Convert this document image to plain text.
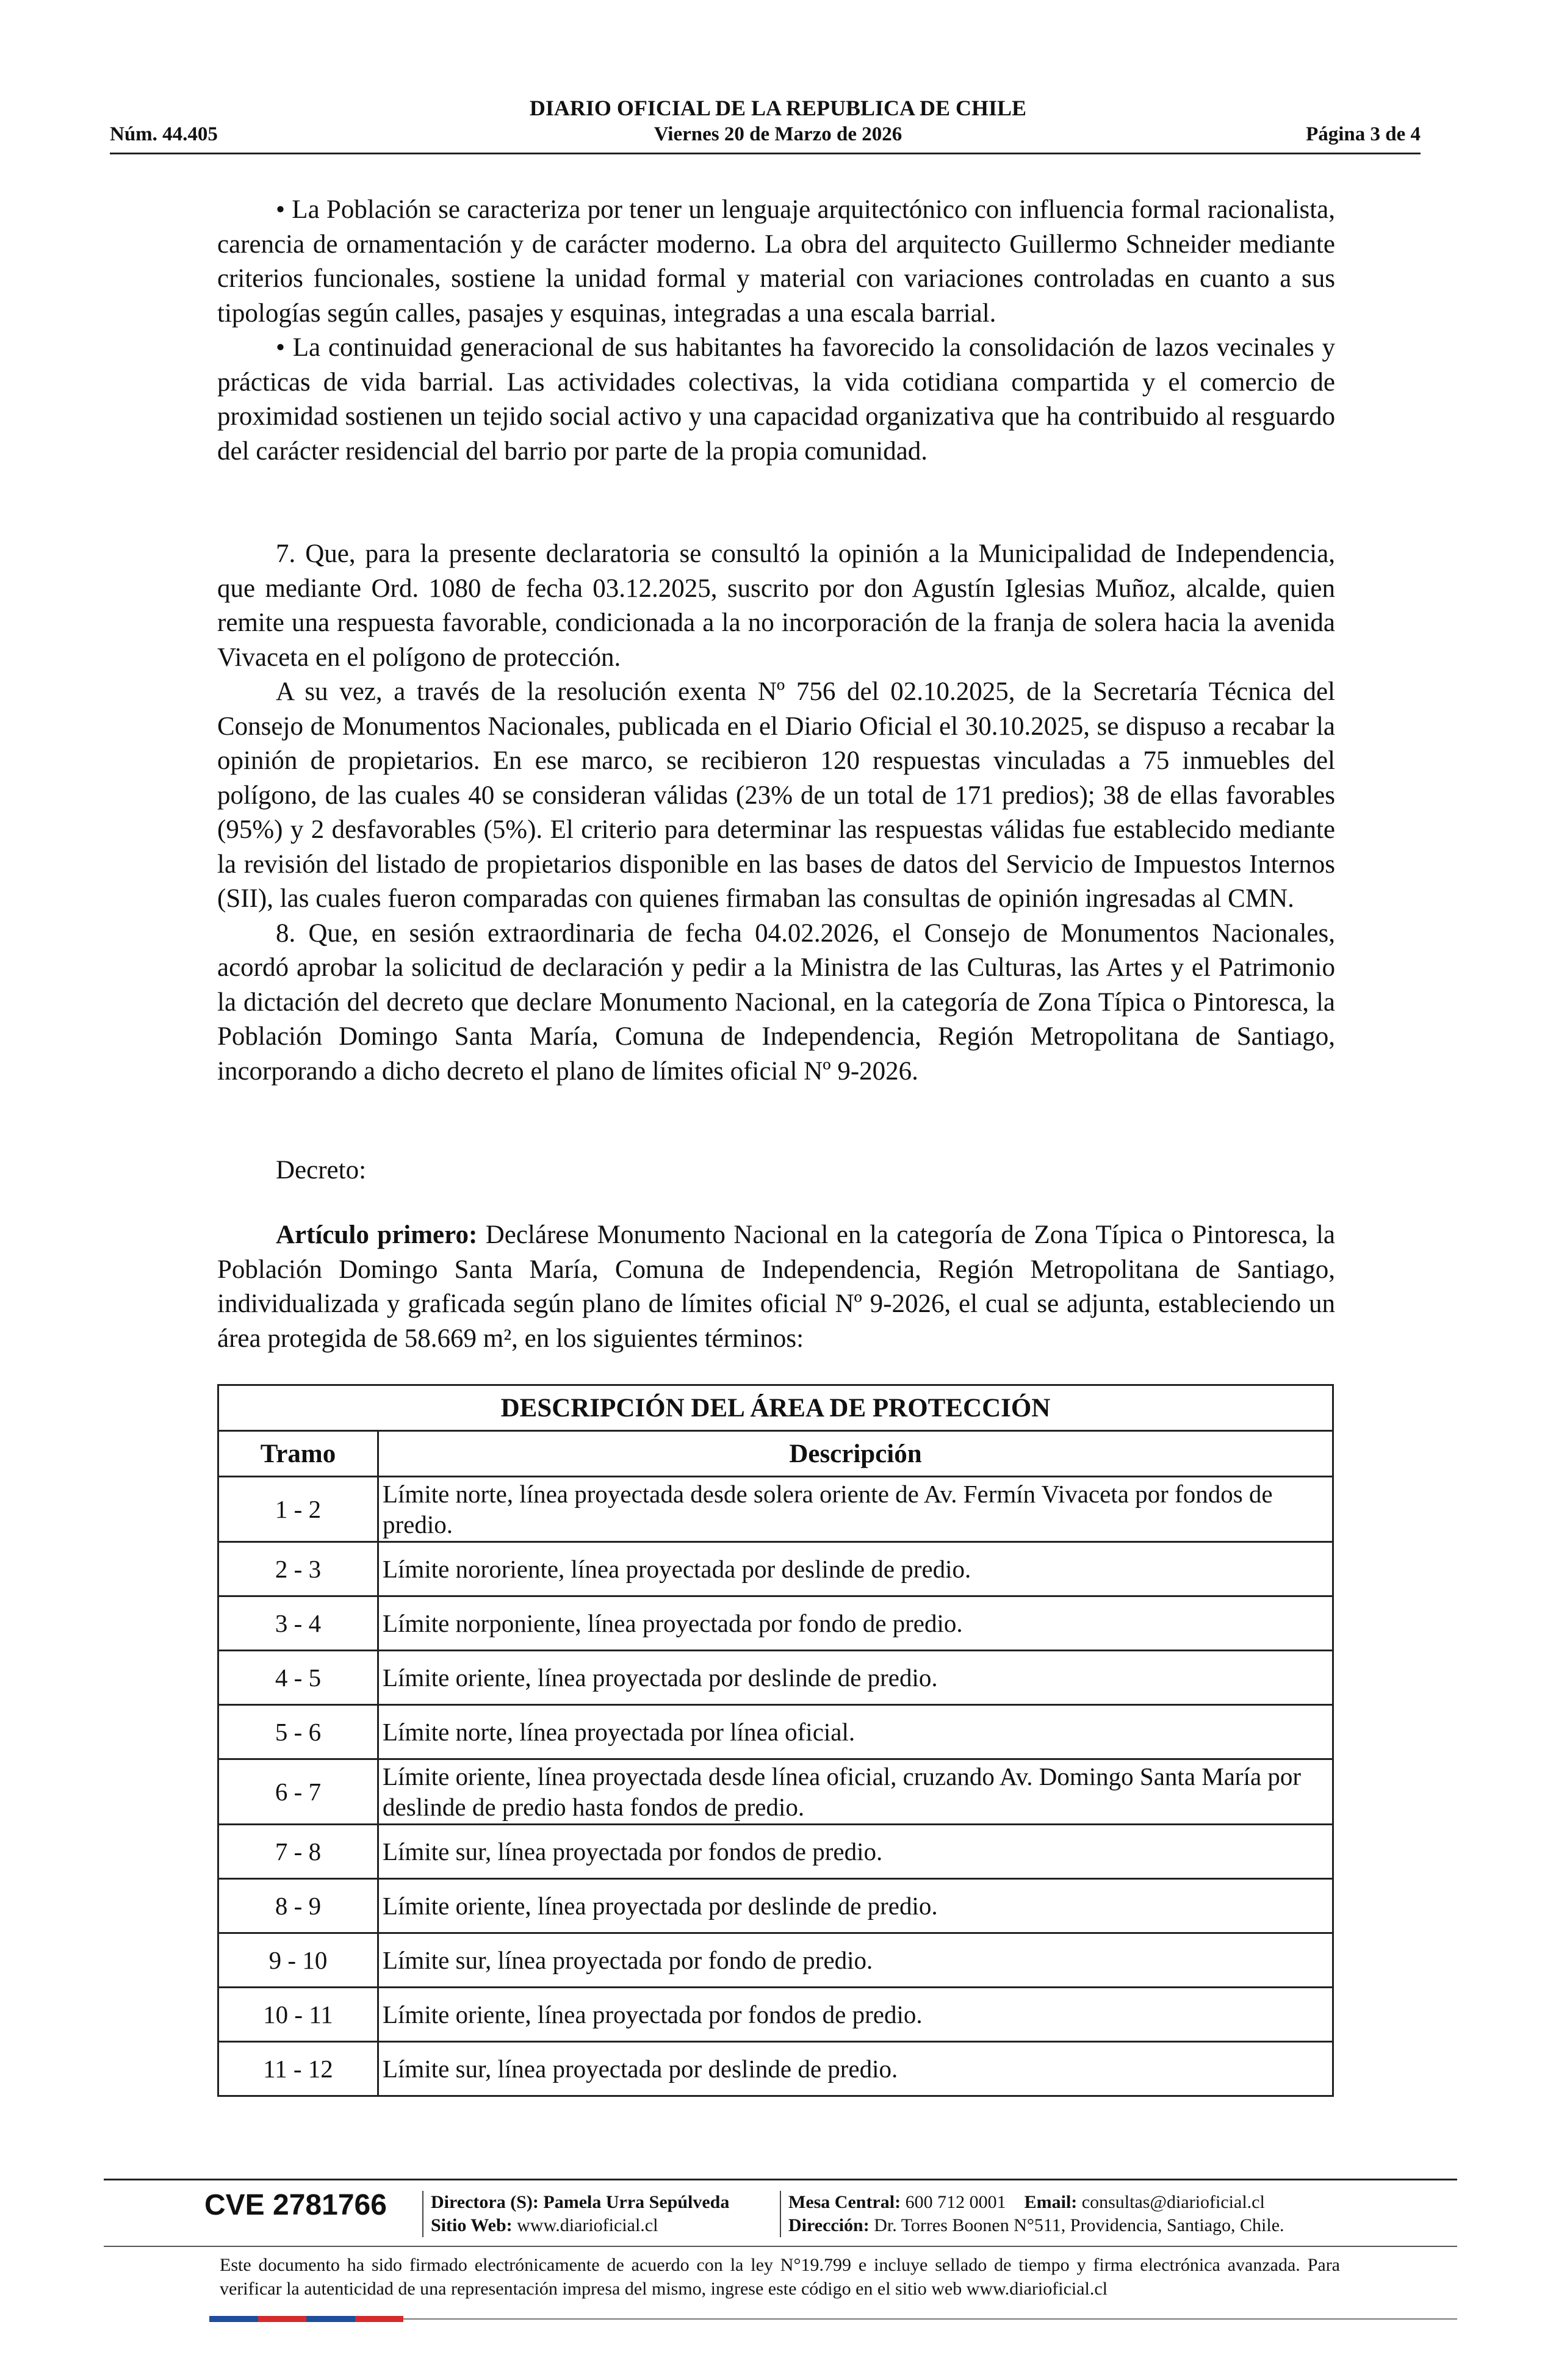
DIARIO OFICIAL DE LA REPUBLICA DE CHILE
Núm. 44.405	Viernes 20 de Marzo de 2026	Página 3 de 4

• La Población se caracteriza por tener un lenguaje arquitectónico con influencia formal racionalista, carencia de ornamentación y de carácter moderno. La obra del arquitecto Guillermo Schneider mediante criterios funcionales, sostiene la unidad formal y material con variaciones controladas en cuanto a sus tipologías según calles, pasajes y esquinas, integradas a una escala barrial.

• La continuidad generacional de sus habitantes ha favorecido la consolidación de lazos vecinales y prácticas de vida barrial. Las actividades colectivas, la vida cotidiana compartida y el comercio de proximidad sostienen un tejido social activo y una capacidad organizativa que ha contribuido al resguardo del carácter residencial del barrio por parte de la propia comunidad.

7. Que, para la presente declaratoria se consultó la opinión a la Municipalidad de Independencia, que mediante Ord. 1080 de fecha 03.12.2025, suscrito por don Agustín Iglesias Muñoz, alcalde, quien remite una respuesta favorable, condicionada a la no incorporación de la franja de solera hacia la avenida Vivaceta en el polígono de protección.

A su vez, a través de la resolución exenta Nº 756 del 02.10.2025, de la Secretaría Técnica del Consejo de Monumentos Nacionales, publicada en el Diario Oficial el 30.10.2025, se dispuso a recabar la opinión de propietarios. En ese marco, se recibieron 120 respuestas vinculadas a 75 inmuebles del polígono, de las cuales 40 se consideran válidas (23% de un total de 171 predios); 38 de ellas favorables (95%) y 2 desfavorables (5%). El criterio para determinar las respuestas válidas fue establecido mediante la revisión del listado de propietarios disponible en las bases de datos del Servicio de Impuestos Internos (SII), las cuales fueron comparadas con quienes firmaban las consultas de opinión ingresadas al CMN.

8. Que, en sesión extraordinaria de fecha 04.02.2026, el Consejo de Monumentos Nacionales, acordó aprobar la solicitud de declaración y pedir a la Ministra de las Culturas, las Artes y el Patrimonio la dictación del decreto que declare Monumento Nacional, en la categoría de Zona Típica o Pintoresca, la Población Domingo Santa María, Comuna de Independencia, Región Metropolitana de Santiago, incorporando a dicho decreto el plano de límites oficial Nº 9-2026.

Decreto:

Artículo primero: Declárese Monumento Nacional en la categoría de Zona Típica o Pintoresca, la Población Domingo Santa María, Comuna de Independencia, Región Metropolitana de Santiago, individualizada y graficada según plano de límites oficial Nº 9-2026, el cual se adjunta, estableciendo un área protegida de 58.669 m², en los siguientes términos:

DESCRIPCIÓN DEL ÁREA DE PROTECCIÓN	
Tramo	Descripción
1 - 2	Límite norte, línea proyectada desde solera oriente de Av. Fermín Vivaceta por fondos de predio.
2 - 3	Límite nororiente, línea proyectada por deslinde de predio.
3 - 4	Límite norponiente, línea proyectada por fondo de predio.
4 - 5	Límite oriente, línea proyectada por deslinde de predio.
5 - 6	Límite norte, línea proyectada por línea oficial.
6 - 7	Límite oriente, línea proyectada desde línea oficial, cruzando Av. Domingo Santa María por deslinde de predio hasta fondos de predio.
7 - 8	Límite sur, línea proyectada por fondos de predio.
8 - 9	Límite oriente, línea proyectada por deslinde de predio.
9 - 10	Límite sur, línea proyectada por fondo de predio.
10 - 11	Límite oriente, línea proyectada por fondos de predio.
11 - 12	Límite sur, línea proyectada por deslinde de predio.
CVE 2781766 Directora (S): Pamela Urra Sepúlveda
Sitio Web: www.diarioficial.cl
Mesa Central: 600 712 0001 Email: consultas@diarioficial.cl
Dirección: Dr. Torres Boonen N°511, Providencia, Santiago, Chile.
Este documento ha sido firmado electrónicamente de acuerdo con la ley N°19.799 e incluye sellado de tiempo y firma electrónica avanzada. Para verificar la autenticidad de una representación impresa del mismo, ingrese este código en el sitio web www.diarioficial.cl
